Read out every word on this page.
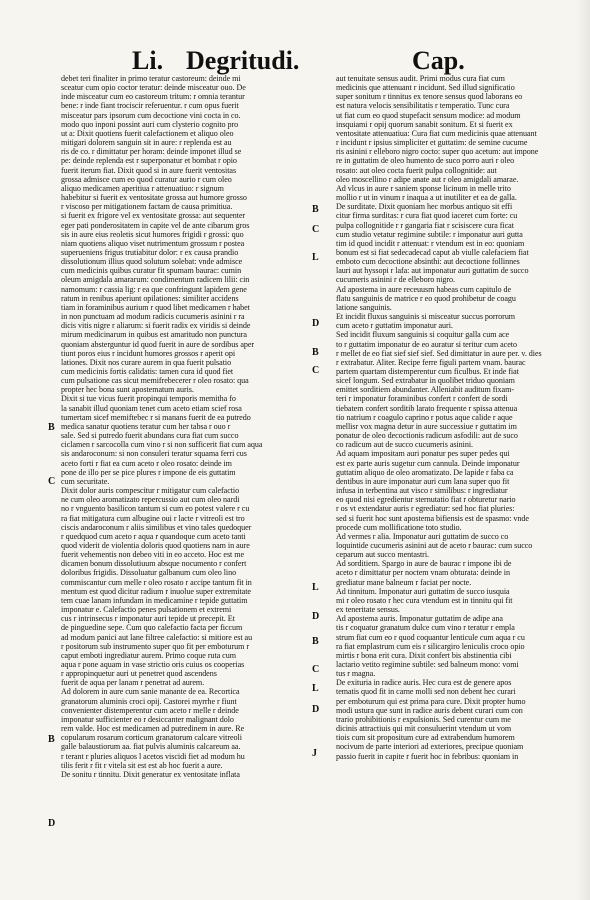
Li. Degritudi.	Cap.
debet teri finaliter in primo teratur castoreum: deinde mi
sceatur cum opio coctor teratur: deinde misceatur ouo. De
inde misceatur cum eo castoreum tritum: r omnia terantur
bene: r inde fiant trociscir referuentur. r cum opus fuerit
misceatur pars ipsorum cum decoctione vini cocta in co.
modo quo inponi possint auri cum clysterio cognito pro
ut a: Dixit quotiens fuerit calefactionem et aliquo oleo
mitigari dolorem sanguin sit in aure: r replenda est au
ris de co. r dimittatur per horam: deinde imponet illud se
pe: deinde replenda est r superponatur et bombat r opio
fuerit iterum fiat. Dixit quod si in aure fuerit ventositas
grossa admisce cum eo quod curatur aurio r cum oleo
aliquo medicamen aperitiua r attenuatiuo: r signum
habebitur si fuerit ex ventositate grossa aut humore grosso
r viscoso per mitigationem factam de causa primitiua.
si fuerit ex frigore vel ex ventositate grossa: aut sequenter
eger pati ponderositatem in capite vel de ante cibarum gros
sis in aure eius reoletis sicut humores frigidi r grossi: quo
niam quotiens aliquo viset nutrimentum grossum r postea
superueniens frigus trutiabitur dolor: r ex causa prandio
dissolutionum illius quod solutum solebat: vnde admisce
cum medicinis quibus curatur fit spumam baurac: cumin
oleum amigdala amararum: condimentum radicem lilii: cin
namomum: r cassia lig: r ea que confringunt lapidem gene
ratum in renibus aperiunt opilationes: similiter accidens
tiam in foraminibus aurium r quod libet medicamen r habet
in non punctuam ad modum radicis cucumeris asinini r ra
dicis vitis nigre r aliarum: si fuerit radix ex viridis si deinde
mirum medicinarum in quibus est amaritudo non punctura
quoniam absterguntur id quod fuerit in aure de sordibus aper
tiunt poros eius r incidunt humores grossos r aperit opi
lationes. Dixit nos curare aurem in qua fuerit pulsatio
cum medicinis fortis calidatis: tamen cura id quod fiet
cum pulsatione cas sicut memifrebecerer r oleo rosato: qua
propter hec bona sunt apostematum auris.
Dixit si tue vicus fuerit propinqui temporis memitha fo
la sanabit illud quoniam tenet cum aceto etiam scief rosa
tumertam sicef memiftebec r si manans fuerit de ea putredo
medica sanatur quotiens teratur cum her tabsa r ouo r
sale. Sed si putredo fuerit abundans cura fiat cum succo
ciclamen r sarcocolla cum vino r si non sufficerit fiat cum aqua
sis andaroconum: si non consuleri teratur squama ferri cus
aceto forti r fiat ea cum aceto r oleo rosato: deinde im
pone de illo per se pice plures r impone de eis guttatim
cum securitate.
Dixit dolor auris compescitur r mitigatur cum calefactio
ne cum oleo aromatizato repercussio aut cum oleo nardi
no r vnguento basilicon tantum si cum eo potest valere r cu
ra fiat mitigatura cum albugine oui r lacte r vitreoli est tro
ciscis andaroconum r aliis similibus et vino tales quedoquer
r quedquod cum aceto r aqua r quandoque cum aceto tanti
quod viderit de violentia doloris quod quotiens nam in aure
fuerit vehementis non debeo viti in eo acceto. Hoc est me
dicamen bonum dissolutiuum absque nocumento r confert
doloribus frigidis. Dissoluatur galbanum cum oleo lino
commiscantur cum melle r oleo rosato r accipe tantum fit in
mentum est quod dicitur radium r inuolue super extremitate
tem cuae lanam infundam in medicamine r tepide guttatim
imponatur e. Calefactio penes pulsationem et extremi
cus r intrinsecus r imponatur auri tepide ut precepit. Et
de pinguedine sepe. Cum quo calefactio facta per ficcum
ad modum panici aut lane filtree calefactio: si mitiore est au
r positorum sub instrumento super quo fit per emboturum r
caput emboti ingrediatur aurem. Primo coque ruta cum
aqua r pone aquam in vase strictio oris cuius os cooperias
r appropinquetur auri ut penetret quod ascendens
fuerit de aqua per lanam r penetrat ad aurem.
Ad dolorem in aure cum sanie manante de ea. Recortica
granatorum aluminis croci opij. Castorei myrrhe r fiunt
convenienter distemperentur cum aceto r melle r deinde
imponatur sufficienter eo r desiccanter malignant dolo
rem valde. Hoc est medicamen ad putredinem in aure. Re
copularum rosarum corticum granatorum calcare vitreoli
galle balaustiorum aa. fiat pulvis aluminis calcareum aa.
r terant r pluries aliquos l acetos viscidi fiet ad modum hu
tilis ferit r fit r vitela sit est est ab hoc fuerit a aure.
De sonitu r tinnitu. Dixit generatur ex ventositate inflata
aut tenuitate sensus audit. Primi modus cura fiat cum
medicinis que attenuant r incidunt. Sed illud significatio
super sonitum r tinnitus ex tenore sensus quod laborans eo
est natura velocis sensibilitatis r temperatio. Tunc cura
ut fiat cum eo quod stupefacit sensum modice: ad modum
insquiami r opij quorum sanabit sonitum. Et si fuerit ex
ventositate attenuatiua: Cura fiat cum medicinis quae attenuant
r incidunt r ipsius simpliciter et guttatim: de semine cucume
ris asinini r elleboro nigro cocto: super quo acetum: aut impone
re in guttatim de oleo humento de suco porro auri r oleo
rosato: aut oleo cocta fuerit pulpa collognitide: aut
oleo moscellino r adipe anate aut r oleo amigdali amarae.
Ad vlcus in aure r saniem sponse licinum in melle trito
mollio r ut in vinum r inaqua a ut inutiliter et ea de galla.
De surditate. Dixit quoniam hec morbus antiquo sit effi
citur firma surditas: r cura fiat quod iaceret cum forte: cu
pulpa collognitide r r gangaria fiat r scisiscere cura ficat
cum studio vetatur regimine subtile: r imponatur auri gutta
tim id quod incidit r attenuat: r vtendum est in eo: quoniam
bonum est si fiat sedecadecad caput ab viulle calefaciem fiat
emboto cum decoctione absinthi: aut decoctione follinnes
lauri aut hyssopi r lafa: aut imponatur auri guttatim de succo
cucumeris asinini r de elleboro nigro.
Ad apostema in aure receuusm habeas cum capitulo de
flatu sanguinis de matrice r eo quod prohibetur de coagu
latione sanguinis.
Et incidit fluxus sanguinis si misceatur succus porrorum
cum aceto r guttatim imponatur auri.
Sed incidit fluxum sanguinis si coquitur galla cum ace
to r guttatim imponatur de eo auratur si teritur cum aceto
r mellet de eo fiat sief sief sief. Sed dimittatur in aure per. v. dies
r extrabatur. Aliter. Recipe ferre figuli partem vnam. baurac
partem quartam distemperentur cum ficulbus. Et inde fiat
sicef longum. Sed extrabatur in quolibet triduo quoniam
emittet sorditiem abundanter. Alleniabit auditum fixam-
teri r imponatur foraminibus confert r confert de sordi
tiebatem confert sorditib larato frequente r spissa attenua
tio natrium r coagulo caprino r potus aque calide r aque
mellisr vox magna detur in aure successiue r guttatim im
ponatur de oleo decoctionis radicum asfodili: aut de suco
co radicum aut de succo cucumeris asinini.
Ad aquam impositam auri ponatur pes super pedes qui
est ex parte auris sugetur cum cannula. Deinde imponatur
guttatim aliquo de oleo aromatizato. De lapide r faba ca
dentibus in aure imponatur auri cum lana super quo fit
infusa in terbentina aut visco r similibus: r ingrediatur
eo quod nisi egredientur sternutatio fiat r obturetur nario
r os vt extendatur auris r egrediatur: sed hoc fiat pluries:
sed si fuerit hoc sunt apostema bifiensis est de spasmo: vnde
procede cum mollificatione toto studio.
Ad vermes r alia. Imponatur auri guttatim de succo co
loquintide cucumeris asinini aut de aceto r baurac: cum succo
ceparum aut succo mentastri.
Ad sorditiem. Spargo in aure de baurac r impone ibi de
aceto r dimittatur per noctem vnam obturata: deinde in
grediatur mane balneum r faciat per nocte.
Ad tinnitum. Imponatur auri guttatim de succo iusquia
mi r oleo rosato r hec cura vtendum est in tinnitu qui fit
ex teneritate sensus.
Ad apostema auris. Imponatur guttatim de adipe ana
tis r coquatur granatum dulce cum vino r teratur r empla
strum fiat cum eo r quod coquantur lenticule cum aqua r cu
ra fiat emplastrum cum eis r silicargiro leniculis croco opio
mirtis r bona erit cura. Dixit confert bis abstinentia cibi
lactario vetito regimine subtile: sed balneum mono: vomi
tus r magna.
De exituria in radice auris. Hec cura est de genere apos
tematis quod fit in carne molli sed non debent hec curari
per emboturum qui est prima para cure. Dixit propter humo
modi ustura que sunt in radice auris debent curari cum con
trario prohibitionis r expulsionis. Sed curentur cum me
dicinis attractiuis qui mit consuluerint vtendum ut vom
tiois cum sit propositum cure ad extrabendum humorem
nocivum de parte interiori ad exteriores, precipue quoniam
passio fuerit in capite r fuerit hoc in febribus: quoniam in
B
C
B
D
B
C
L
D
B
C
L
D
B
C
L
D
J
